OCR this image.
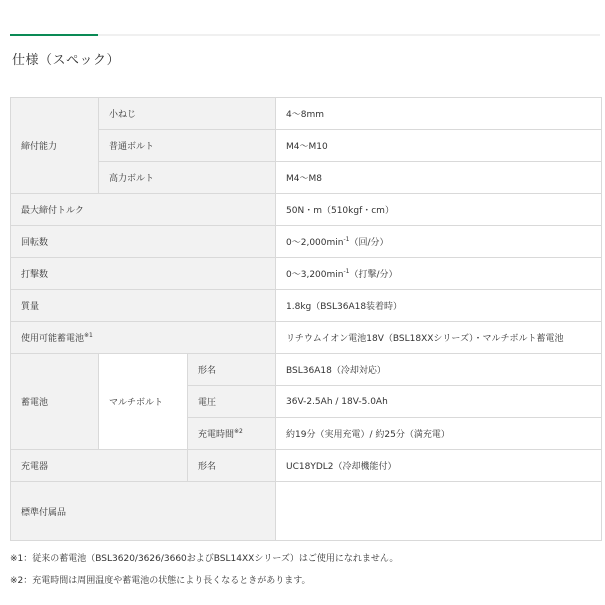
仕様（スペック）
締付能力	小ねじ		4～8mm
	普通ボルト		M4～M10
	高力ボルト		M4～M8
最大締付トルク			50N・m（510kgf・cm）
回転数			$0\sim 2,000\min^{-1}$（回/分）
打撃数			$0\sim 3,200\min^{-1}$（打撃/分）
質量			1.8kg（BSL36A18装着時）
使用可能蓄電池$^{※1}$			リチウムイオン電池18V（BSL18XXシリーズ）・マルチボルト蓄電池
蓄電池	マルチボルト	形名	BSL36A18（冷却対応）
		電圧	36V-2.5Ah / 18V-5.0Ah
		充電時間$^{※2}$	約19分（実用充電）/ 約25分（満充電）
充電器		形名	UC18YDL2（冷却機能付）
標準付属品			
※1：従来の蓄電池（BSL3620/3626/3660およびBSL14XXシリーズ）はご使用になれません。
※2：充電時間は周囲温度や蓄電池の状態により長くなるときがあります。
